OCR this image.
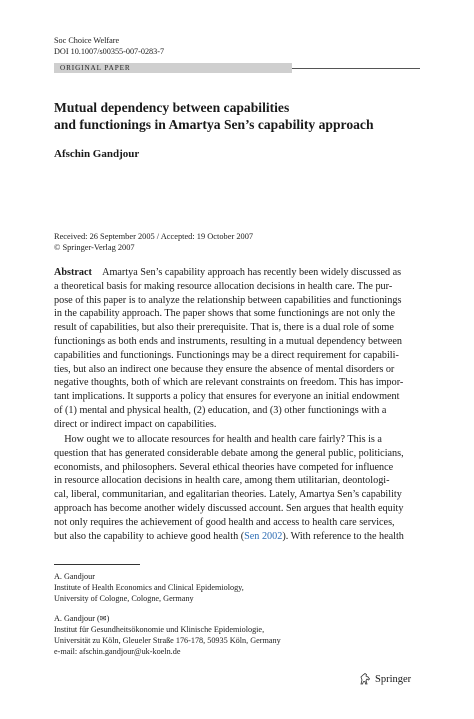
Soc Choice Welfare
DOI 10.1007/s00355-007-0283-7
ORIGINAL PAPER
Mutual dependency between capabilities
and functionings in Amartya Sen’s capability approach
Afschin Gandjour
Received: 26 September 2005 / Accepted: 19 October 2007
© Springer-Verlag 2007
Abstract Amartya Sen’s capability approach has recently been widely discussed as
a theoretical basis for making resource allocation decisions in health care. The pur-
pose of this paper is to analyze the relationship between capabilities and functionings
in the capability approach. The paper shows that some functionings are not only the
result of capabilities, but also their prerequisite. That is, there is a dual role of some
functionings as both ends and instruments, resulting in a mutual dependency between
capabilities and functionings. Functionings may be a direct requirement for capabili-
ties, but also an indirect one because they ensure the absence of mental disorders or
negative thoughts, both of which are relevant constraints on freedom. This has impor-
tant implications. It supports a policy that ensures for everyone an initial endowment
of (1) mental and physical health, (2) education, and (3) other functionings with a
direct or indirect impact on capabilities.
How ought we to allocate resources for health and health care fairly? This is a
question that has generated considerable debate among the general public, politicians,
economists, and philosophers. Several ethical theories have competed for influence
in resource allocation decisions in health care, among them utilitarian, deontologi-
cal, liberal, communitarian, and egalitarian theories. Lately, Amartya Sen’s capability
approach has become another widely discussed account. Sen argues that health equity
not only requires the achievement of good health and access to health care services,
but also the capability to achieve good health (Sen 2002). With reference to the health
A. Gandjour
Institute of Health Economics and Clinical Epidemiology,
University of Cologne, Cologne, Germany
A. Gandjour (✉)
Institut für Gesundheitsökonomie und Klinische Epidemiologie,
Universität zu Köln, Gleueler Straße 176-178, 50935 Köln, Germany
e-mail: afschin.gandjour@uk-koeln.de
Springer
